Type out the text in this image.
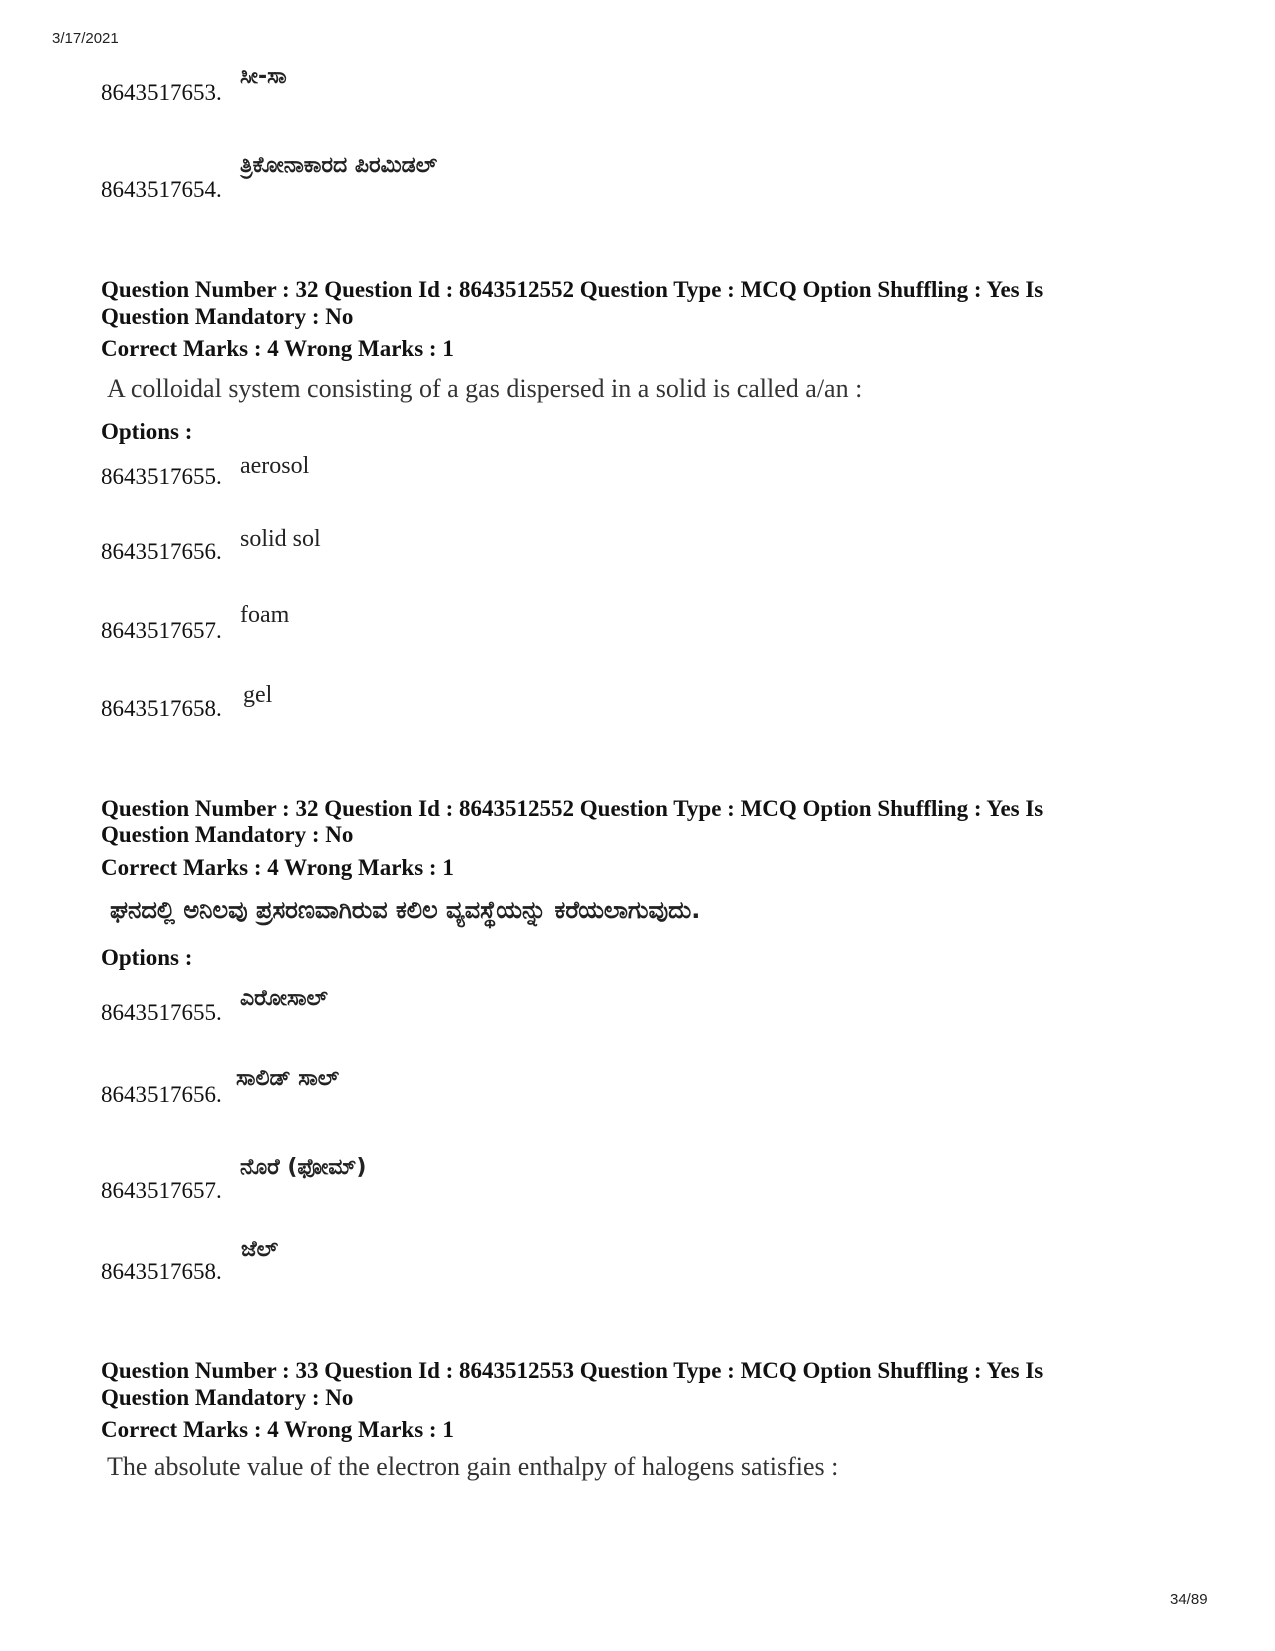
3/17/2021
8643517653.
ಸೀ-ಸಾ
8643517654.
ತ್ರಿಕೋನಾಕಾರದ ಪಿರಮಿಡಲ್
Question Number : 32 Question Id : 8643512552 Question Type : MCQ Option Shuffling : Yes Is
Question Mandatory : No
Correct Marks : 4 Wrong Marks : 1
A colloidal system consisting of a gas dispersed in a solid is called a/an :
Options :
8643517655. aerosol
8643517656. solid sol
8643517657.
foam
8643517658.
gel
Question Number : 32 Question Id : 8643512552 Question Type : MCQ Option Shuffling : Yes Is
Question Mandatory : No
Correct Marks : 4 Wrong Marks : 1
ಘನದಲ್ಲಿ ಅನಿಲವು ಪ್ರಸರಣವಾಗಿರುವ ಕಲಿಲ ವ್ಯವಸ್ಥೆಯನ್ನು ಕರೆಯಲಾಗುವುದು.
Options :
8643517655.
ಎರೋಸಾಲ್
8643517656.
ಸಾಲಿಡ್ ಸಾಲ್
8643517657.
ನೊರೆ (ಫೋಮ್)
8643517658.
ಜೆಲ್
Question Number : 33 Question Id : 8643512553 Question Type : MCQ Option Shuffling : Yes Is
Question Mandatory : No
Correct Marks : 4 Wrong Marks : 1
The absolute value of the electron gain enthalpy of halogens satisfies :
34/89
